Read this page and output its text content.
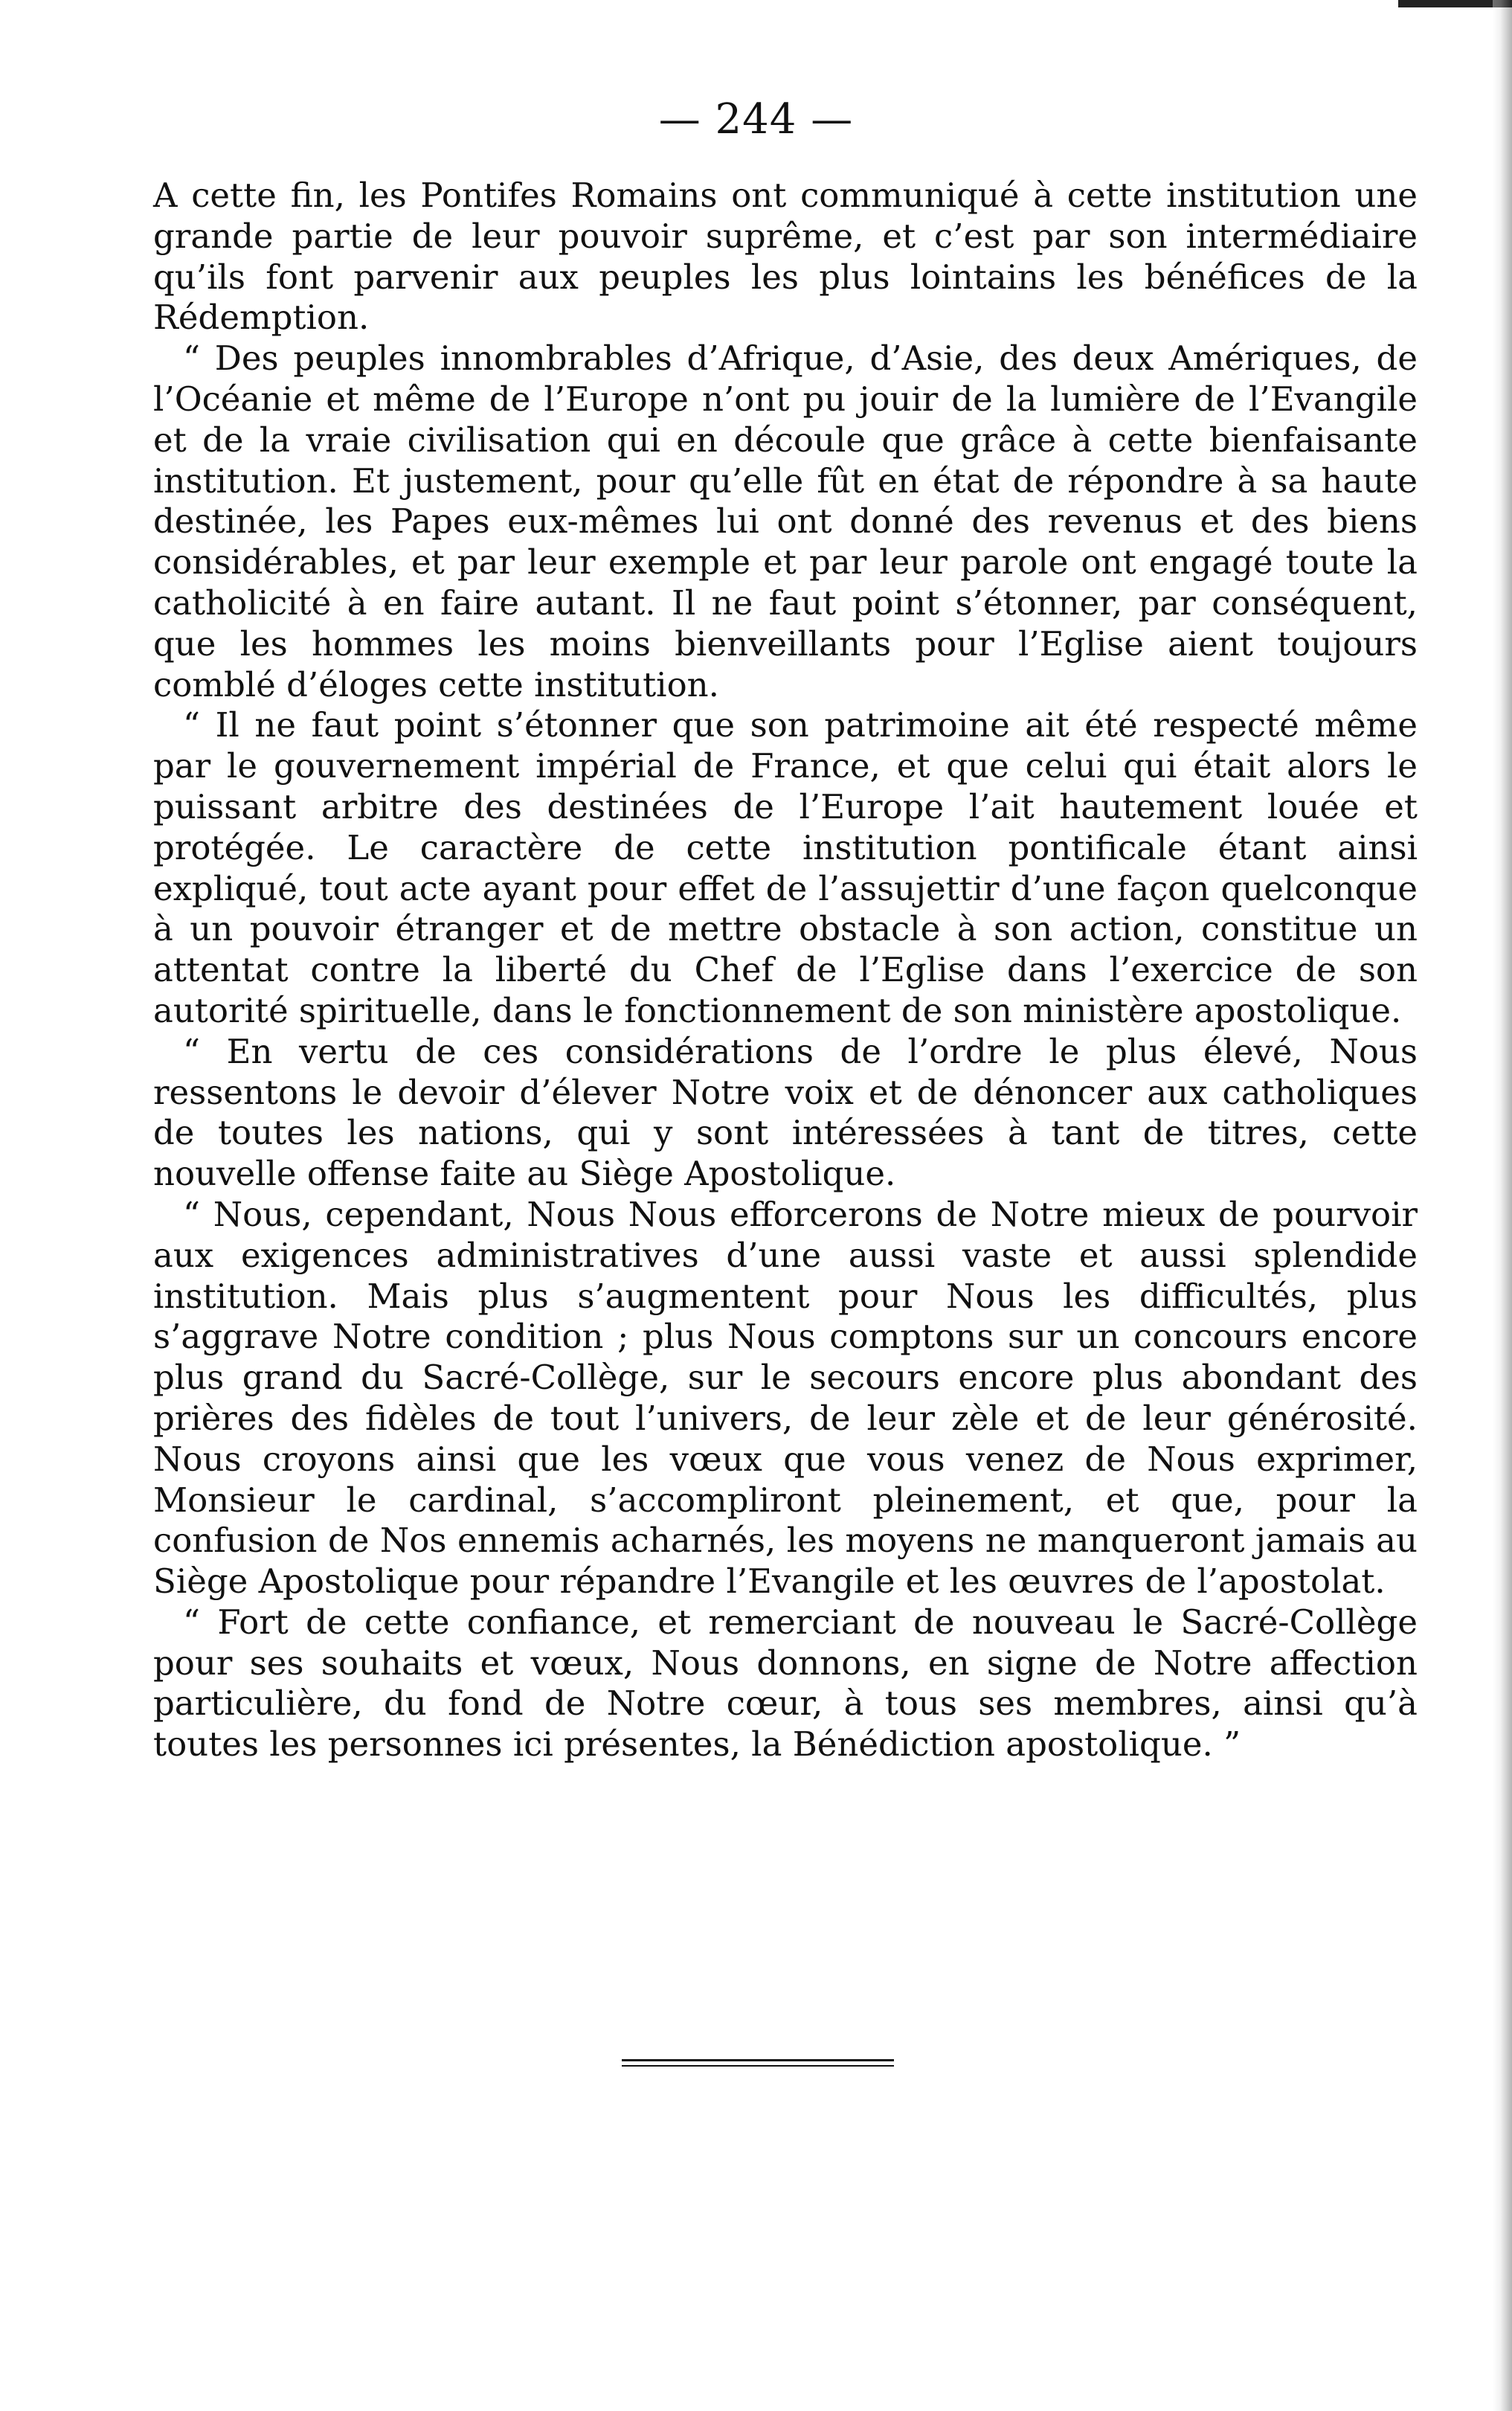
— 244 —

A cette fin, les Pontifes Romains ont communiqué à cette institution une grande partie de leur pouvoir suprême, et c’est par son intermédiaire qu’ils font parvenir aux peuples les plus lointains les bénéfices de la Rédemption.

“ Des peuples innombrables d’Afrique, d’Asie, des deux Amériques, de l’Océanie et même de l’Europe n’ont pu jouir de la lumière de l’Evangile et de la vraie civilisation qui en découle que grâce à cette bienfaisante institution. Et justement, pour qu’elle fût en état de répondre à sa haute destinée, les Papes eux-mêmes lui ont donné des revenus et des biens considérables, et par leur exemple et par leur parole ont engagé toute la catholicité à en faire autant. Il ne faut point s’étonner, par conséquent, que les hommes les moins bienveillants pour l’Eglise aient toujours comblé d’éloges cette institution.

“ Il ne faut point s’étonner que son patrimoine ait été respecté même par le gouvernement impérial de France, et que celui qui était alors le puissant arbitre des destinées de l’Europe l’ait hautement louée et protégée. Le caractère de cette institution pontificale étant ainsi expliqué, tout acte ayant pour effet de l’assujettir d’une façon quelconque à un pouvoir étranger et de mettre obstacle à son action, constitue un attentat contre la liberté du Chef de l’Eglise dans l’exercice de son autorité spirituelle, dans le fonctionnement de son ministère apostolique.

“ En vertu de ces considérations de l’ordre le plus élevé, Nous ressentons le devoir d’élever Notre voix et de dénoncer aux catholiques de toutes les nations, qui y sont intéressées à tant de titres, cette nouvelle offense faite au Siège Apostolique.

“ Nous, cependant, Nous Nous efforcerons de Notre mieux de pourvoir aux exigences administratives d’une aussi vaste et aussi splendide institution. Mais plus s’augmentent pour Nous les difficultés, plus s’aggrave Notre condition ; plus Nous comptons sur un concours encore plus grand du Sacré-Collège, sur le secours encore plus abondant des prières des fidèles de tout l’univers, de leur zèle et de leur générosité. Nous croyons ainsi que les vœux que vous venez de Nous exprimer, Monsieur le cardinal, s’accompliront pleinement, et que, pour la confusion de Nos ennemis acharnés, les moyens ne manqueront jamais au Siège Apostolique pour répandre l’Evangile et les œuvres de l’apostolat.

“ Fort de cette confiance, et remerciant de nouveau le Sacré-Collège pour ses souhaits et vœux, Nous donnons, en signe de Notre affection particulière, du fond de Notre cœur, à tous ses membres, ainsi qu’à toutes les personnes ici présentes, la Bénédiction apostolique. ”
